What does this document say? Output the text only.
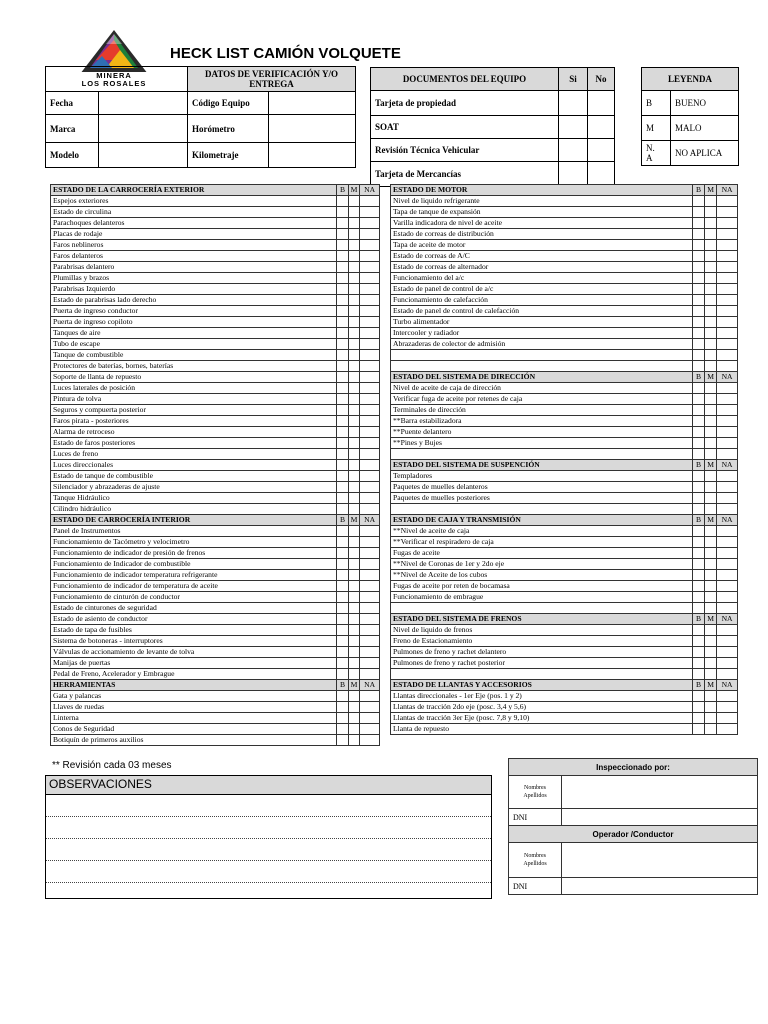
MINERA
LOS ROSALES
HECK LIST CAMIÓN VOLQUETE
		DATOS DE VERIFICACIÓN Y/O ENTREGA	
Fecha		Código Equipo	
Marca		Horómetro	
Modelo		Kilometraje	
DOCUMENTOS DEL EQUIPO	Si	No
Tarjeta de propiedad		
SOAT		
Revisión Técnica Vehicular		
Tarjeta de Mercancías		
LEYENDA	
B	BUENO
M	MALO
N.
A	NO APLICA
ESTADO DE LA CARROCERÍA EXTERIOR	B	M	NA
Espejos exteriores			
Estado de circulina			
Parachoques delanteros			
Placas de rodaje			
Faros neblineros			
Faros delanteros			
Parabrisas delantero			
Plumillas y brazos			
Parabrisas Izquierdo			
Estado de parabrisas lado derecho			
Puerta de ingreso conductor			
Puerta de ingreso copiloto			
Tanques de aire			
Tubo de escape			
Tanque de combustible			
Protectores de baterías, bornes, baterías			
Soporte de llanta de repuesto			
Luces laterales de posición			
Pintura de tolva			
Seguros y compuerta posterior			
Faros pirata - posteriores			
Alarma de retroceso			
Estado de faros posteriores			
Luces de freno			
Luces direccionales			
Estado de tanque de combustible			
Silenciador y abrazaderas de ajuste			
Tanque Hidráulico			
Cilindro hidráulico			
ESTADO DE CARROCERÍA INTERIOR	B	M	NA
Panel de Instrumentos			
Funcionamiento de Tacómetro y velocimetro			
Funcionamiento de indicador de presión de frenos			
Funcionamiento de Indicador de combustible			
Funcionamiento de indicador temperatura refrigerante			
Funcionamiento de indicador de temperatura de aceite			
Funcionamiento de cinturón de conductor			
Estado de cinturones de seguridad			
Estado de asiento de conductor			
Estado de tapa de fusibles			
Sistema de botoneras - interruptores			
Válvulas de accionamiento de levante de tolva			
Manijas de puertas			
Pedal de Freno, Acelerador y Embrague			
HERRAMIENTAS	B	M	NA
Gata y palancas			
Llaves de ruedas			
Linterna			
Conos de Seguridad			
Botiquín de primeros auxilios			
ESTADO DE MOTOR	B	M	NA
Nivel de liquido refrigerante			
Tapa de tanque de expansión			
Varilla indicadora de nivel de aceite			
Estado de correas de distribución			
Tapa de aceite de motor			
Estado de correas de A/C			
Estado de correas de alternador			
Funcionamiento del a/c			
Estado de panel de control de a/c			
Funcionamiento de calefacción			
Estado de panel de control de calefacción			
Turbo alimentador			
Intercooler y radiador			
Abrazaderas de colector de admisión			

ESTADO DEL SISTEMA DE DIRECCIÓN	B	M	NA
Nivel de aceite de caja de dirección			
Verificar fuga de aceite por retenes de caja			
Terminales de dirección			
**Barra estabilizadora			
**Puente delantero			
**Pines y Bujes			

ESTADO DEL SISTEMA DE SUSPENCIÓN	B	M	NA
Templadores			
Paquetes de muelles delanteros			
Paquetes de muelles posteriores			

ESTADO DE CAJA Y TRANSMISIÓN	B	M	NA
**Nivel de aceite de caja			
**Verificar el respiradero de caja			
Fugas de aceite			
**Nivel de Coronas de 1er y 2do eje			
**Nivel de Aceite de los cubos			
Fugas de aceite por reten de bocamasa			
Funcionamiento de embrague			

ESTADO DEL SISTEMA DE FRENOS	B	M	NA
Nivel de liquido de frenos			
Freno de Estacionamiento			
Pulmones de freno y rachet delantero			
Pulmones de freno y rachet posterior			

ESTADO DE LLANTAS Y ACCESORIOS	B	M	NA
Llantas direccionales - 1er Eje (pos. 1 y 2)			
Llantas de tracción 2do eje (posc. 3,4 y 5,6)			
Llantas de tracción 3er Eje (posc. 7,8 y 9,10)			
Llanta de repuesto			
** Revisión cada 03 meses
OBSERVACIONES
Inspeccionado por:	
Nombres
Apellidos	
DNI	
Operador /Conductor	
Nombres
Apellidos	
DNI	
